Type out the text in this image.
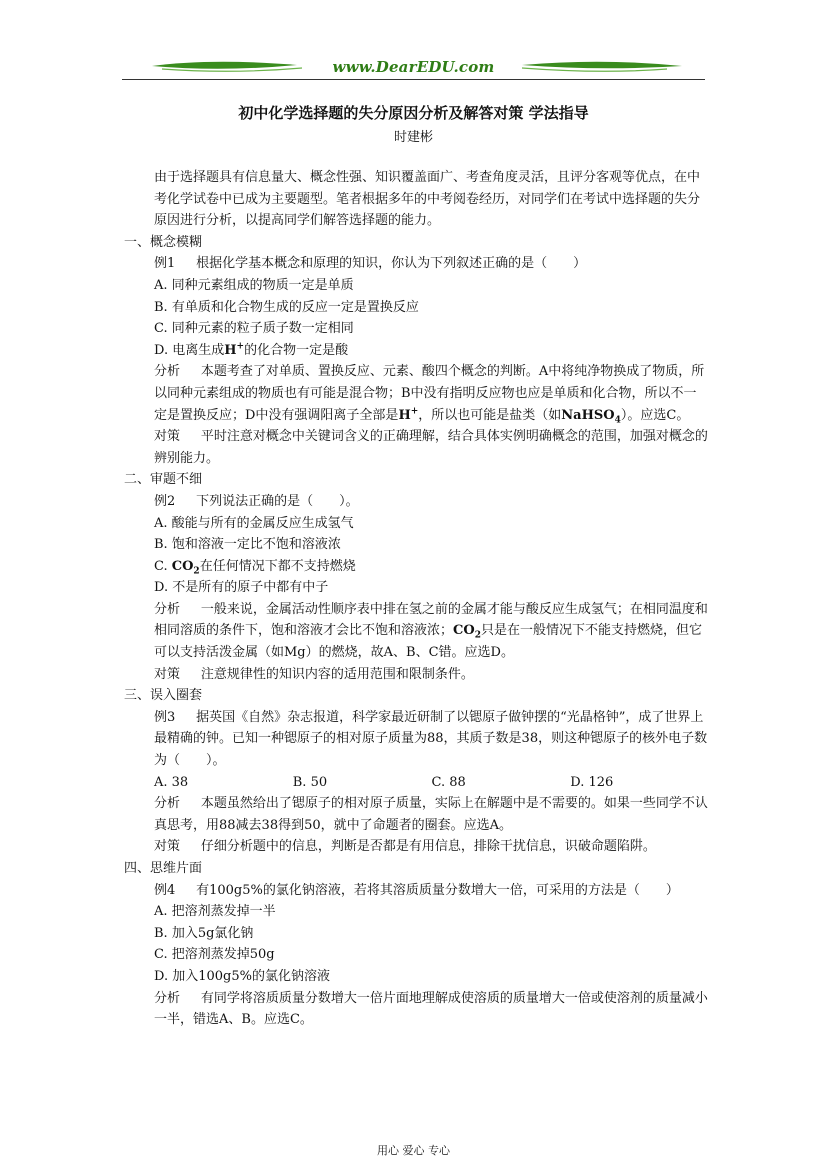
www.DearEDU.com
初中化学选择题的失分原因分析及解答对策 学法指导
时建彬

由于选择题具有信息量大、概念性强、知识覆盖面广、考查角度灵活，且评分客观等优点，在中考化学试卷中已成为主要题型。笔者根据多年的中考阅卷经历，对同学们在考试中选择题的失分原因进行分析，以提高同学们解答选择题的能力。

一、概念模糊

例1 根据化学基本概念和原理的知识，你认为下列叙述正确的是（　　）

A. 同种元素组成的物质一定是单质

B. 有单质和化合物生成的反应一定是置换反应

C. 同种元素的粒子质子数一定相同

D. 电离生成H+的化合物一定是酸

分析 本题考查了对单质、置换反应、元素、酸四个概念的判断。A中将纯净物换成了物质，所以同种元素组成的物质也有可能是混合物；B中没有指明反应物也应是单质和化合物，所以不一定是置换反应；D中没有强调阳离子全部是H+，所以也可能是盐类（如NaHSO$_4$）。应选C。

对策 平时注意对概念中关键词含义的正确理解，结合具体实例明确概念的范围，加强对概念的辨别能力。

二、审题不细

例2 下列说法正确的是（　　）。

A. 酸能与所有的金属反应生成氢气

B. 饱和溶液一定比不饱和溶液浓

C. $CO_2$在任何情况下都不支持燃烧

D. 不是所有的原子中都有中子

分析 一般来说，金属活动性顺序表中排在氢之前的金属才能与酸反应生成氢气；在相同温度和相同溶质的条件下，饱和溶液才会比不饱和溶液浓；$CO_2$只是在一般情况下不能支持燃烧，但它可以支持活泼金属（如Mg）的燃烧，故A、B、C错。应选D。

对策 注意规律性的知识内容的适用范围和限制条件。

三、误入圈套

例3 据英国《自然》杂志报道，科学家最近研制了以锶原子做钟摆的“光晶格钟”，成了世界上最精确的钟。已知一种锶原子的相对原子质量为88，其质子数是38，则这种锶原子的核外电子数为（　　）。

A. 38	B. 50	C. 88	D. 126

分析 本题虽然给出了锶原子的相对原子质量，实际上在解题中是不需要的。如果一些同学不认真思考，用88减去38得到50，就中了命题者的圈套。应选A。

对策 仔细分析题中的信息，判断是否都是有用信息，排除干扰信息，识破命题陷阱。

四、思维片面

例4 有100g5%的氯化钠溶液，若将其溶质质量分数增大一倍，可采用的方法是（　　）

A. 把溶剂蒸发掉一半

B. 加入5g氯化钠

C. 把溶剂蒸发掉50g

D. 加入100g5%的氯化钠溶液

分析 有同学将溶质质量分数增大一倍片面地理解成使溶质的质量增大一倍或使溶剂的质量减小一半，错选A、B。应选C。

用心 爱心 专心
